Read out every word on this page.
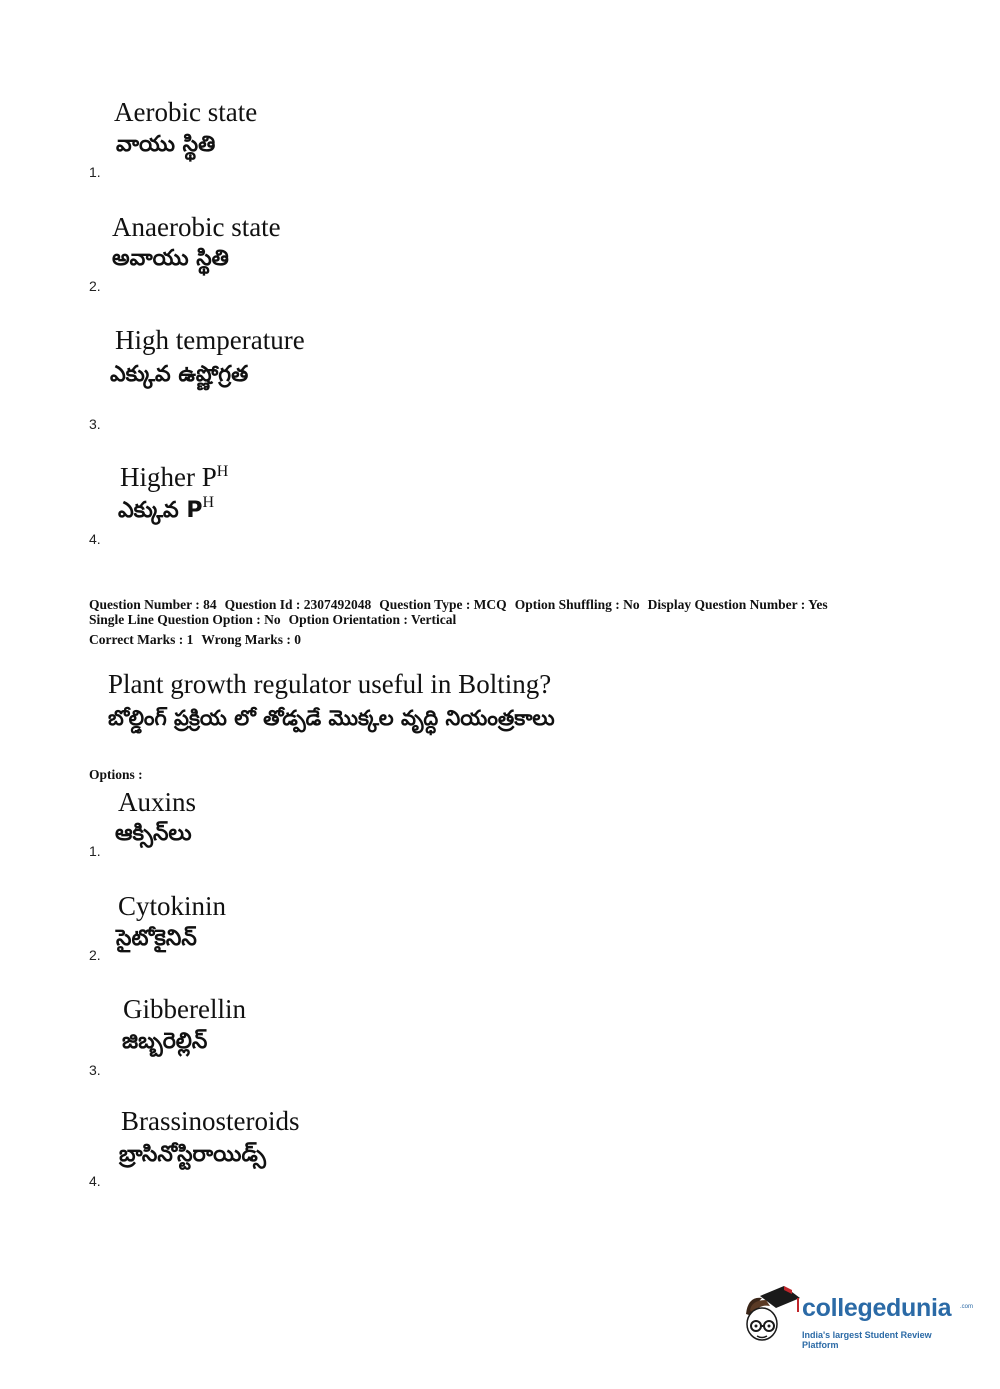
Aerobic state
వాయు స్థితి
1.
Anaerobic state
అవాయు స్థితి
2.
High temperature
ఎక్కువ ఉష్ణోగ్రత
3.
Higher $P^H$
ఎక్కువ $P^H$
4.
Question Number : 84 Question Id : 2307492048 Question Type : MCQ Option Shuffling : No Display Question Number : Yes
Single Line Question Option : No Option Orientation : Vertical
Correct Marks : 1 Wrong Marks : 0
Plant growth regulator useful in Bolting?
బోల్డింగ్ ప్రక్రియ లో తోడ్పడే మొక్కల వృద్ధి నియంత్రకాలు
Options :
Auxins
ఆక్సిన్‌లు
1.
Cytokinin
సైటోకైనిన్
2.
Gibberellin
జిబ్బరెల్లిన్
3.
Brassinosteroids
బ్రాసినోస్టిరాయిడ్స్
4.
collegedunia .com
India's largest Student Review Platform
